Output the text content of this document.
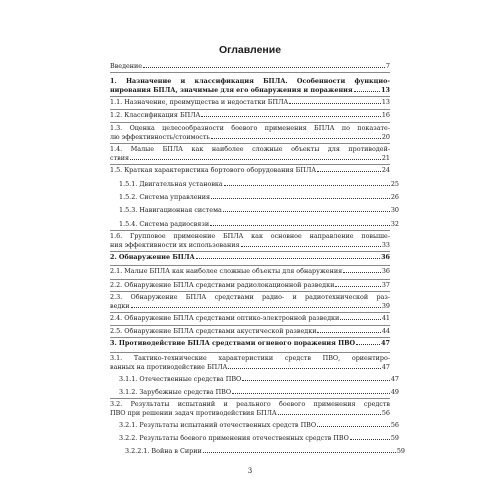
Оглавление
Введение	7
1. Назначение и классификация БПЛА. Особенности функцио-
нирования БПЛА, значимые для его обнаружения и поражения	13
1.1. Назначение, преимущества и недостатки БПЛА	13
1.2. Классификация БПЛА	16
1.3. Оценка целесообразности боевого применения БПЛА по показате-
лю эффективность/стоимость	20
1.4. Малые БПЛА как наиболее сложные объекты для противодей-
ствия	21
1.5. Краткая характеристика бортового оборудования БПЛА	24
1.5.1. Двигательная установка	25
1.5.2. Система управления	26
1.5.3. Навигационная система	30
1.5.4. Система радиосвязи	32
1.6. Групповое применение БПЛА как основное направление повыше-
ния эффективности их использования	33
2. Обнаружение БПЛА	36
2.1. Малые БПЛА как наиболее сложные объекты для обнаружения	36
2.2. Обнаружение БПЛА средствами радиолокационной разведки	37
2.3. Обнаружение БПЛА средствами радио- и радиотехнической раз-
ведки	39
2.4. Обнаружение БПЛА средствами оптико-электронной разведки	41
2.5. Обнаружение БПЛА средствами акустической разведки	44
3. Противодействие БПЛА средствами огневого поражения ПВО	47
3.1. Тактико-технические характеристики средств ПВО, ориентиро-
ванных на противодействие БПЛА	47
3.1.1. Отечественные средства ПВО	47
3.1.2. Зарубежные средства ПВО	49
3.2. Результаты испытаний и реального боевого применения средств
ПВО при решении задач противодействия БПЛА	56
3.2.1. Результаты испытаний отечественных средств ПВО	56
3.2.2. Результаты боевого применения отечественных средств ПВО	59
3.2.2.1. Война в Сирии	59
3
